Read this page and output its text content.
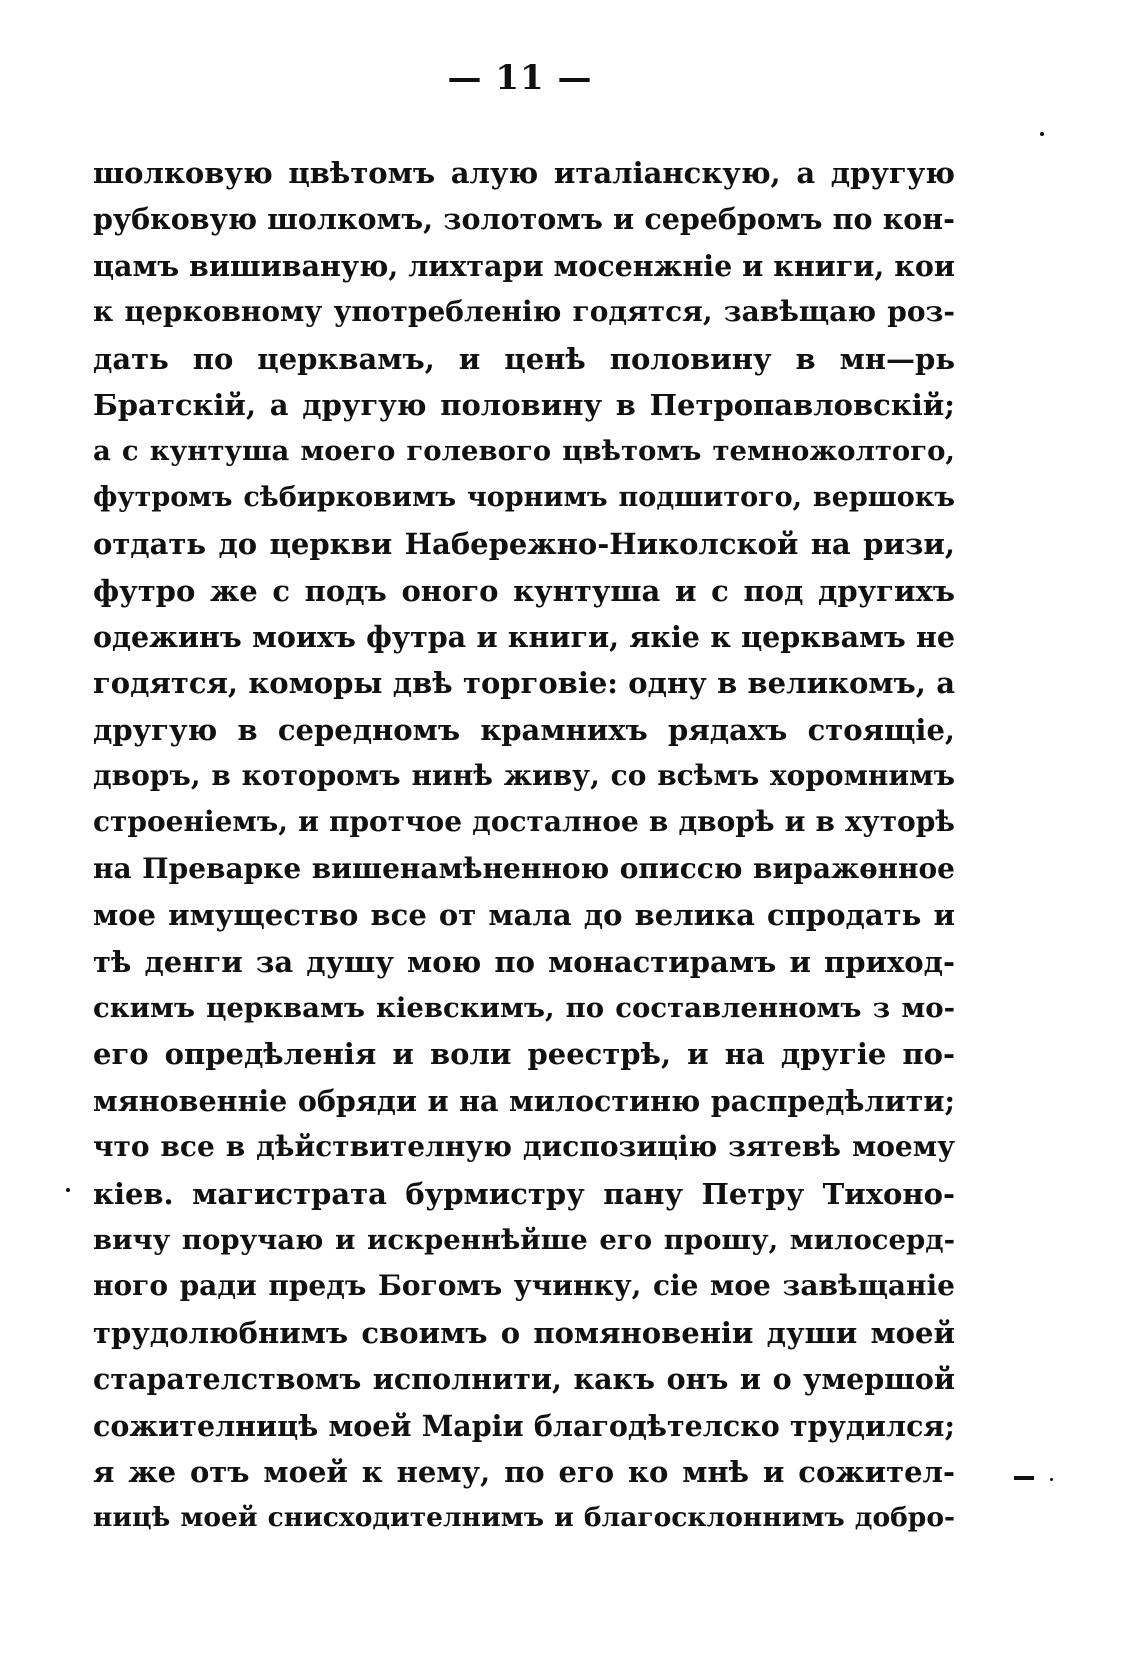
— 11 —
шолковую цвѣтомъ алую италіанскую, а другую
рубковую шолкомъ, золотомъ и серебромъ по кон-
цамъ вишиваную, лихтари мосенжніе и книги, кои
к церковному употребленію годятся, завѣщаю роз-
дать по церквамъ, и ценѣ половину в мн—рь
Братскій, а другую половину в Петропавловскій;
а с кунтуша моего голевого цвѣтомъ темножолтого,
футромъ сѣбирковимъ чорнимъ подшитого, вершокъ
отдать до церкви Набережно-Николской на ризи,
футро же с подъ оного кунтуша и с под другихъ
одежинъ моихъ футра и книги, якіе к церквамъ не
годятся, коморы двѣ торговіе: одну в великомъ, а
другую в середномъ крамнихъ рядахъ стоящіе,
дворъ, в которомъ нинѣ живу, со всѣмъ хоромнимъ
строеніемъ, и протчое досталное в дворѣ и в хуторѣ
на Преварке вишенамѣненною опиcсю виражѳнное
мое имущество все от мала до велика спродать и
тѣ денги за душу мою по монастирамъ и приход-
скимъ церквамъ кіевскимъ, по составленномъ з мо-
его опредѣленія и воли реестрѣ, и на другіе по-
мяновенніе обряди и на милостиню распредѣлити;
что все в дѣйствителную диспозицію зятевѣ моему
кіев. магистрата бурмистру пану Петру Тихоно-
вичу поручаю и искреннѣйше его прошу, милосерд-
ного ради предъ Богомъ учинку, сіе мое завѣщаніе
трудолюбнимъ своимъ о помяновеніи души моей
старателствомъ исполнити, какъ онъ и о умершой
сожителницѣ моей Маріи благодѣтелско трудился;
я же отъ моей к нему, по его ко мнѣ и сожител-
ницѣ моей снисходителнимъ и благосклоннимъ добро-
